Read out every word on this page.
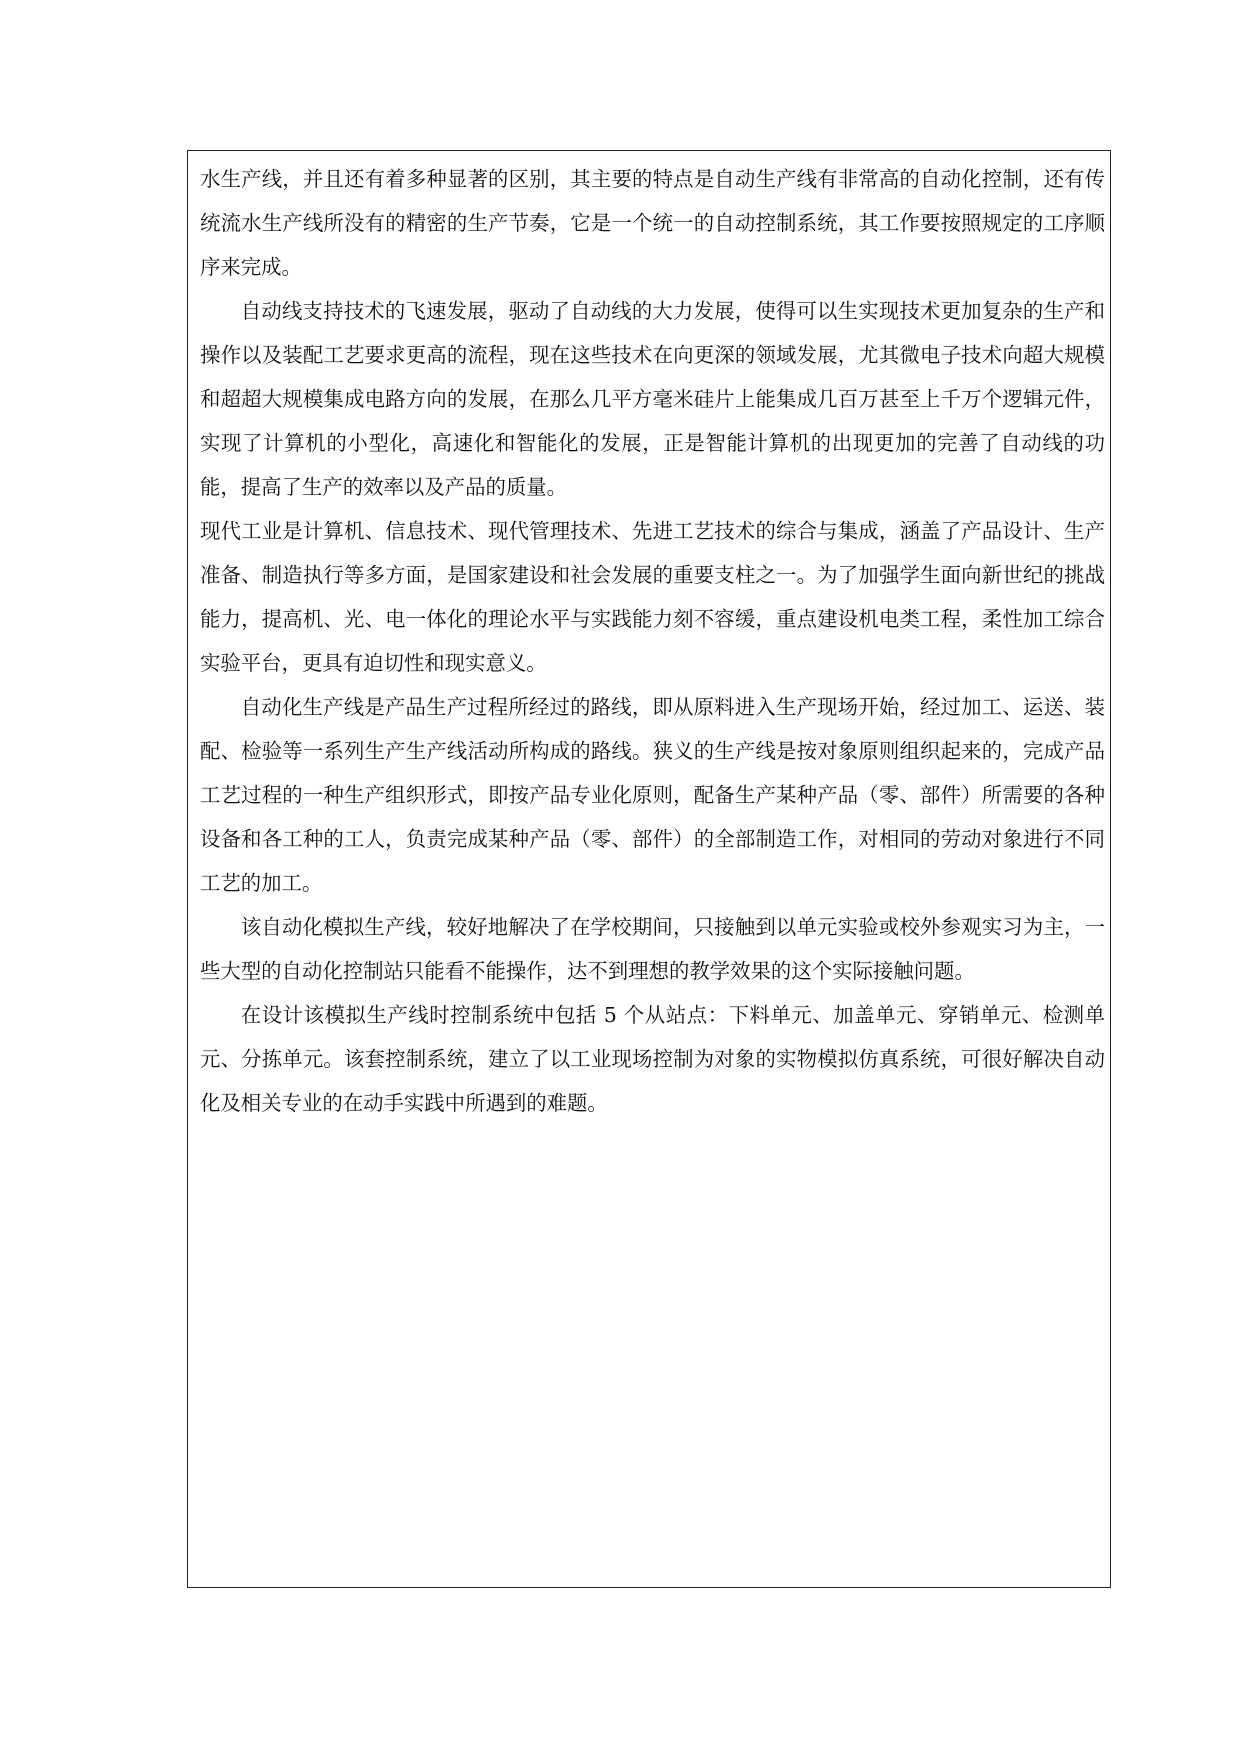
水生产线，并且还有着多种显著的区别，其主要的特点是自动生产线有非常高的自动化控制，还有传统流水生产线所没有的精密的生产节奏，它是一个统一的自动控制系统，其工作要按照规定的工序顺序来完成。

自动线支持技术的飞速发展，驱动了自动线的大力发展，使得可以生实现技术更加复杂的生产和操作以及装配工艺要求更高的流程，现在这些技术在向更深的领域发展，尤其微电子技术向超大规模和超超大规模集成电路方向的发展，在那么几平方毫米硅片上能集成几百万甚至上千万个逻辑元件，实现了计算机的小型化，高速化和智能化的发展，正是智能计算机的出现更加的完善了自动线的功能，提高了生产的效率以及产品的质量。

现代工业是计算机、信息技术、现代管理技术、先进工艺技术的综合与集成，涵盖了产品设计、生产准备、制造执行等多方面，是国家建设和社会发展的重要支柱之一。为了加强学生面向新世纪的挑战能力，提高机、光、电一体化的理论水平与实践能力刻不容缓，重点建设机电类工程，柔性加工综合实验平台，更具有迫切性和现实意义。

自动化生产线是产品生产过程所经过的路线，即从原料进入生产现场开始，经过加工、运送、装配、检验等一系列生产生产线活动所构成的路线。狭义的生产线是按对象原则组织起来的，完成产品工艺过程的一种生产组织形式，即按产品专业化原则，配备生产某种产品（零、部件）所需要的各种设备和各工种的工人，负责完成某种产品（零、部件）的全部制造工作，对相同的劳动对象进行不同工艺的加工。

该自动化模拟生产线，较好地解决了在学校期间，只接触到以单元实验或校外参观实习为主，一些大型的自动化控制站只能看不能操作，达不到理想的教学效果的这个实际接触问题。

在设计该模拟生产线时控制系统中包括 5 个从站点：下料单元、加盖单元、穿销单元、检测单元、分拣单元。该套控制系统，建立了以工业现场控制为对象的实物模拟仿真系统，可很好解决自动化及相关专业的在动手实践中所遇到的难题。
